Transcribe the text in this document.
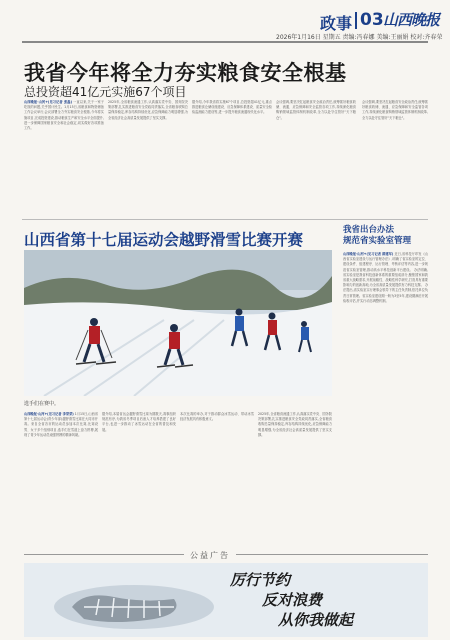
政事 03 山西晚报
2026年1月16日 星期五 责编:冯春娜 美编:王丽娟 校对:齐春荣
我省今年将全力夯实粮食安全根基
总投资超41亿元实施67个项目
山西晚报·山河+(见习记者 张磊) 一直以来,关于一家子吃饭的问题,关乎国计民生。1月15日,省粮食和物资储备工作会议举行,会议部署全力夯实粮食安全根基,今年将实施项目,完成投资建设,推动粮食生产和安全水平全面提升,进一步保障国家粮食安全和社会稳定,切实做好各项准备工作。
2025年,全省粮食流通工作,认真落实党中央、国务院决策部署,扎实推进粮食安全党政同责落实,全省粮食收购总量保持稳定,库存结构持续优化,应急保障能力明显增强,为全省经济社会高质量发展提供了坚实支撑。
据介绍,今年我省将实施67个项目,总投资超41亿元,重点推进粮食仓储设施建设、应急保障体系建设、质量安全检验监测能力建设等,进一步提升粮食流通现代化水平。
会议强调,要坚决扛起粮食安全政治责任,统筹抓好粮食收储、流通、应急保障和安全监管各项工作,持续深化粮食购销领域监管体制机制改革,全力以赴守住管好"天下粮仓"。
山西省第十七届运动会越野滑雪比赛开赛
选手们在赛中。
山西晚报·山河+(见习记者 李荣荣) 1月15日,山西省第十七届运动会(青少年部)越野滑雪比赛在大同市开赛。来自全省各市的运动员参加本次比赛,比赛设男、女子多个组别项目,选手们在雪道上奋力拼搏,展现了青少年运动员顽强拼搏的精神风貌。
据介绍,本届省运会越野滑雪比赛为期数天,赛事组织规范有序,为我省冬季项目后备人才培养搭建了良好平台,也进一步推动了冰雪运动在全省的普及和发展。
本次比赛的举办,对于推动群众冰雪运动、带动冰雪经济发展具有积极意义。
2025年,全省粮食流通工作,认真落实党中央、国务院决策部署,扎实推进粮食安全党政同责落实,全省粮食收购总量保持稳定,库存结构持续优化,应急保障能力明显增强,为全省经济社会高质量发展提供了坚实支撑。
我省出台办法
规范省实验室管理
山西晚报·山河+(见习记者 薛建军) 近日,省科技厅印发《山西省实验室建设与运行管理办法》,明确了省实验室的定位、建设条件、组建程序、运行管理、考核评估等内容,进一步规范省实验室管理,推动高水平科技创新平台建设。 办法明确,省实验室是我省科技创新体系的重要组成部分,聚焦国家和我省重大战略需求,开展前瞻性、战略性科学研究,打造具有重要影响力的创新高地,为全省高质量发展提供有力科技支撑。 办法提出,省实验室实行理事会领导下的主任负责制,依托单位负责日常管理。省实验室建设期一般为3至5年,建设期满后开展验收评估,并实行动态调整机制。
会议强调,要坚决扛起粮食安全政治责任,统筹抓好粮食收储、流通、应急保障和安全监管各项工作,持续深化粮食购销领域监管体制机制改革,全力以赴守住管好"天下粮仓"。
公益广告
厉行节约
反对浪费
从你我做起
